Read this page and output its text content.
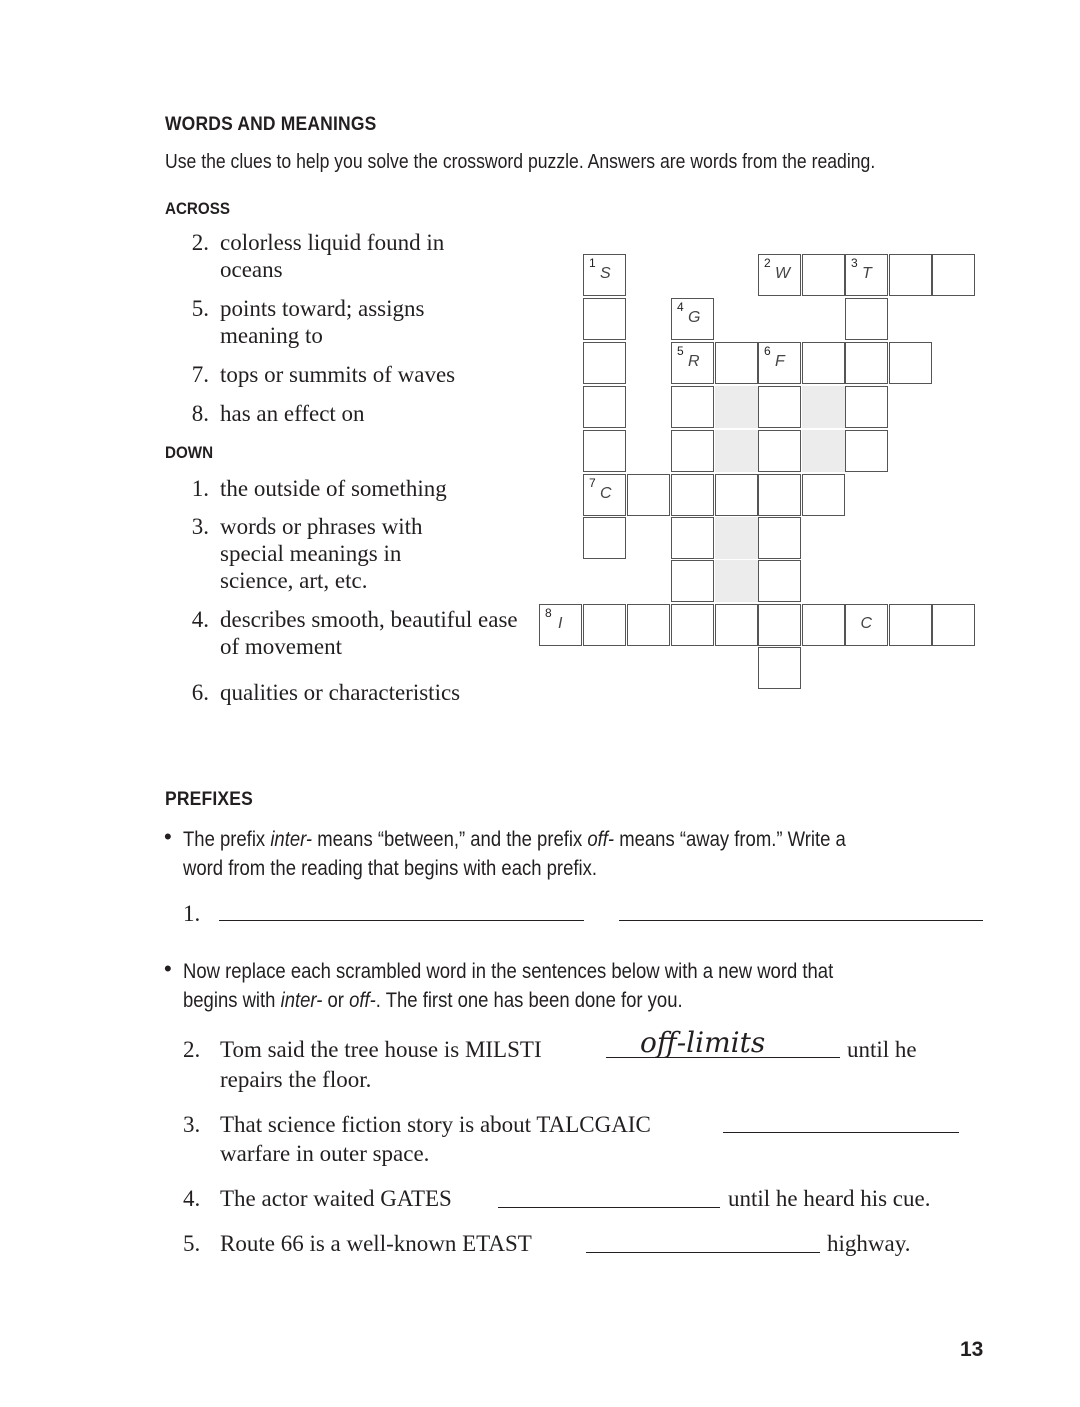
WORDS AND MEANINGS
Use the clues to help you solve the crossword puzzle. Answers are words from the reading.
ACROSS
2. colorless liquid found in oceans
5. points toward; assigns meaning to
7. tops or summits of waves
8. has an effect on
DOWN
1. the outside of something
3. words or phrases with special meanings in science, art, etc.
4. describes smooth, beautiful ease of movement
6. qualities or characteristics
1
S
2
W
3
T
4
G
5
R
6
F
7
C
8
I	C
PREFIXES
• The prefix inter- means “between,” and the prefix off- means “away from.” Write a
word from the reading that begins with each prefix.
1.
• Now replace each scrambled word in the sentences below with a new word that
begins with inter- or off-. The first one has been done for you.
2. Tom said the tree house is MILSTI	off-limits	until he
repairs the floor.
3. That science fiction story is about TALCGAIC
warfare in outer space.
4. The actor waited GATES	until he heard his cue.
5. Route 66 is a well-known ETAST	highway.
13
